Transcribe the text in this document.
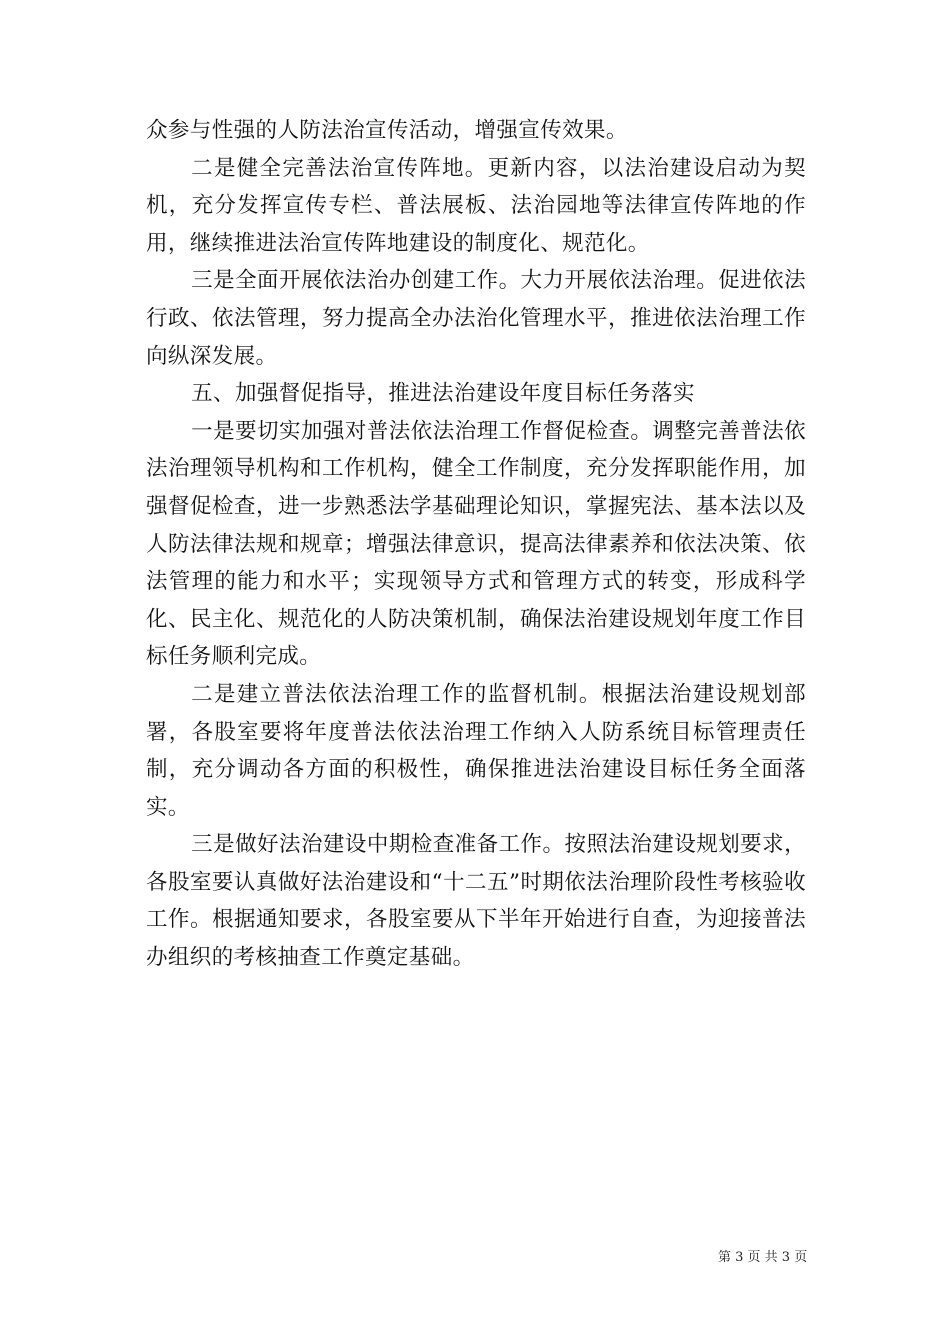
众参与性强的人防法治宣传活动，增强宣传效果。

二是健全完善法治宣传阵地。更新内容，以法治建设启动为契机，充分发挥宣传专栏、普法展板、法治园地等法律宣传阵地的作用，继续推进法治宣传阵地建设的制度化、规范化。

三是全面开展依法治办创建工作。大力开展依法治理。促进依法行政、依法管理，努力提高全办法治化管理水平，推进依法治理工作向纵深发展。

五、加强督促指导，推进法治建设年度目标任务落实

一是要切实加强对普法依法治理工作督促检查。调整完善普法依法治理领导机构和工作机构，健全工作制度，充分发挥职能作用，加强督促检查，进一步熟悉法学基础理论知识，掌握宪法、基本法以及人防法律法规和规章；增强法律意识，提高法律素养和依法决策、依法管理的能力和水平；实现领导方式和管理方式的转变，形成科学化、民主化、规范化的人防决策机制，确保法治建设规划年度工作目标任务顺利完成。

二是建立普法依法治理工作的监督机制。根据法治建设规划部署，各股室要将年度普法依法治理工作纳入人防系统目标管理责任制，充分调动各方面的积极性，确保推进法治建设目标任务全面落实。

三是做好法治建设中期检查准备工作。按照法治建设规划要求，各股室要认真做好法治建设和“十二五”时期依法治理阶段性考核验收工作。根据通知要求，各股室要从下半年开始进行自查，为迎接普法办组织的考核抽查工作奠定基础。

第 3 页 共 3 页
